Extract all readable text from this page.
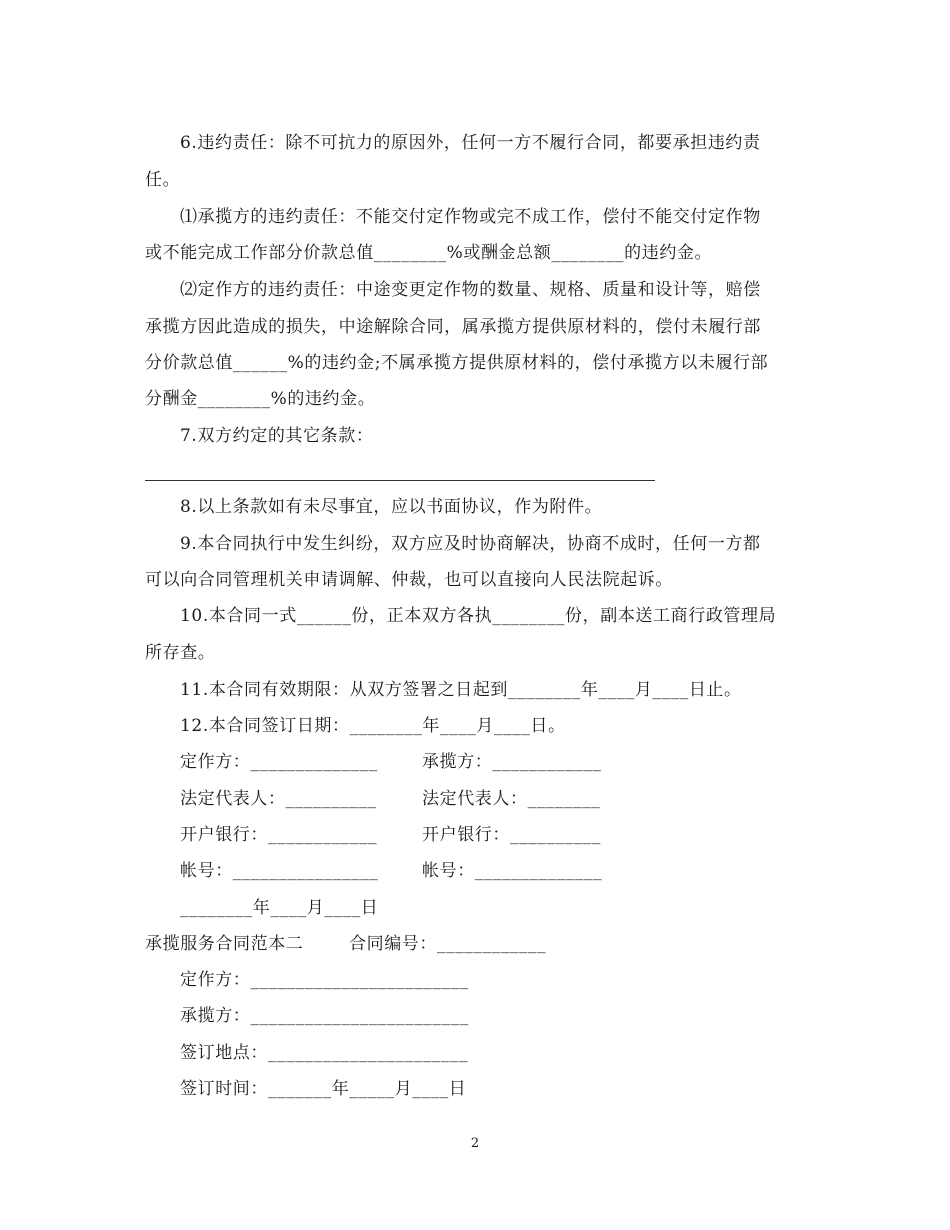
6.违约责任：除不可抗力的原因外，任何一方不履行合同，都要承担违约责
任。
⑴承揽方的违约责任：不能交付定作物或完不成工作，偿付不能交付定作物
或不能完成工作部分价款总值________%或酬金总额________的违约金。
⑵定作方的违约责任：中途变更定作物的数量、规格、质量和设计等，赔偿
承揽方因此造成的损失，中途解除合同，属承揽方提供原材料的，偿付未履行部
分价款总值______%的违约金;不属承揽方提供原材料的，偿付承揽方以未履行部
分酬金________%的违约金。
7.双方约定的其它条款：
8.以上条款如有未尽事宜，应以书面协议，作为附件。
9.本合同执行中发生纠纷，双方应及时协商解决，协商不成时，任何一方都
可以向合同管理机关申请调解、仲裁，也可以直接向人民法院起诉。
10.本合同一式______份，正本双方各执________份，副本送工商行政管理局
所存查。
11.本合同有效期限：从双方签署之日起到________年____月____日止。
12.本合同签订日期：________年____月____日。
定作方：______________	承揽方：____________
法定代表人：__________	法定代表人：________
开户银行：____________	开户银行：__________
帐号：________________	帐号：______________
________年____月____日
承揽服务合同范本二	合同编号：____________
定作方：________________________
承揽方：________________________
签订地点：______________________
签订时间：_______年_____月____日
2
